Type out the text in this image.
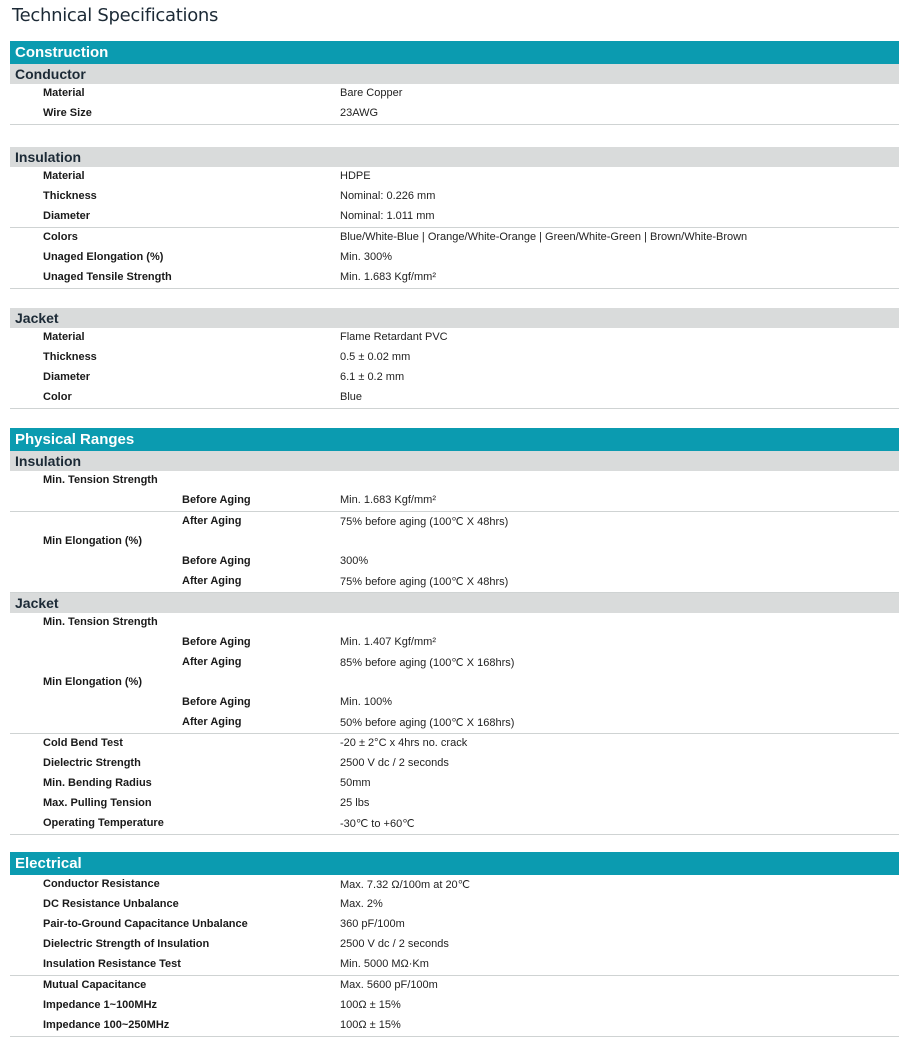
Technical Specifications
Construction
Conductor
Material	Bare Copper
Wire Size	23AWG
Insulation
Material	HDPE
Thickness	Nominal: 0.226 mm
Diameter	Nominal: 1.011 mm
Colors	Blue/White-Blue | Orange/White-Orange | Green/White-Green | Brown/White-Brown
Unaged Elongation (%)	Min. 300%
Unaged Tensile Strength	Min. 1.683 Kgf/mm²
Jacket
Material	Flame Retardant PVC
Thickness	0.5 ± 0.02 mm
Diameter	6.1 ± 0.2 mm
Color	Blue
Physical Ranges
Insulation
Min. Tension Strength
Before Aging	Min. 1.683 Kgf/mm²
After Aging	75% before aging (100℃ X 48hrs)
Min Elongation (%)
Before Aging	300%
After Aging	75% before aging (100℃ X 48hrs)
Jacket
Min. Tension Strength
Before Aging	Min. 1.407 Kgf/mm²
After Aging	85% before aging (100℃ X 168hrs)
Min Elongation (%)
Before Aging	Min. 100%
After Aging	50% before aging (100℃ X 168hrs)
Cold Bend Test	-20 ± 2°C x 4hrs no. crack
Dielectric Strength	2500 V dc / 2 seconds
Min. Bending Radius	50mm
Max. Pulling Tension	25 lbs
Operating Temperature	-30℃ to +60℃
Electrical
Conductor Resistance	Max. 7.32 Ω/100m at 20℃
DC Resistance Unbalance	Max. 2%
Pair-to-Ground Capacitance Unbalance	360 pF/100m
Dielectric Strength of Insulation	2500 V dc / 2 seconds
Insulation Resistance Test	Min. 5000 MΩ·Km
Mutual Capacitance	Max. 5600 pF/100m
Impedance 1~100MHz	100Ω ± 15%
Impedance 100~250MHz	100Ω ± 15%
